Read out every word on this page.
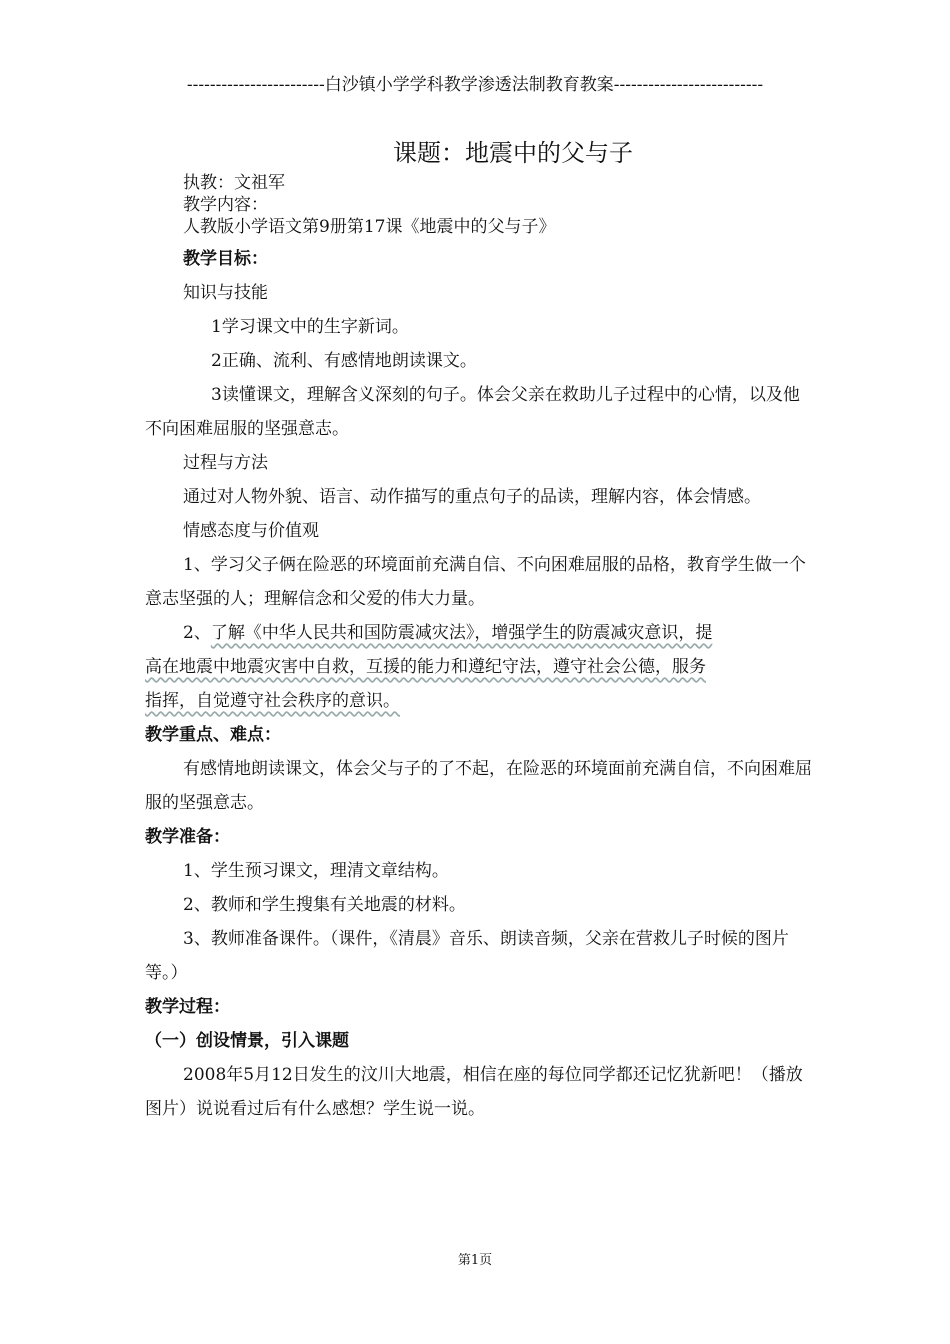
------------------------白沙镇小学学科教学渗透法制教育教案--------------------------
课题：地震中的父与子

执教：文祖军

教学内容：

人教版小学语文第9册第17课《地震中的父与子》

教学目标：

知识与技能

1学习课文中的生字新词。

2正确、流利、有感情地朗读课文。

3读懂课文，理解含义深刻的句子。体会父亲在救助儿子过程中的心情，以及他不向困难屈服的坚强意志。

过程与方法

通过对人物外貌、语言、动作描写的重点句子的品读，理解内容，体会情感。

情感态度与价值观

1、学习父子俩在险恶的环境面前充满自信、不向困难屈服的品格，教育学生做一个意志坚强的人；理解信念和父爱的伟大力量。

2、了解《中华人民共和国防震减灾法》，增强学生的防震减灾意识，提
高在地震中地震灾害中自救，互援的能力和遵纪守法，遵守社会公德，服务
指挥，自觉遵守社会秩序的意识。

教学重点、难点：

有感情地朗读课文，体会父与子的了不起，在险恶的环境面前充满自信，不向困难屈服的坚强意志。

教学准备：

1、学生预习课文，理清文章结构。

2、教师和学生搜集有关地震的材料。

3、教师准备课件。（课件，《清晨》音乐、朗读音频，父亲在营救儿子时候的图片等。）

教学过程：

（一）创设情景，引入课题

2008年5月12日发生的汶川大地震，相信在座的每位同学都还记忆犹新吧！（播放图片）说说看过后有什么感想？学生说一说。

第1页
